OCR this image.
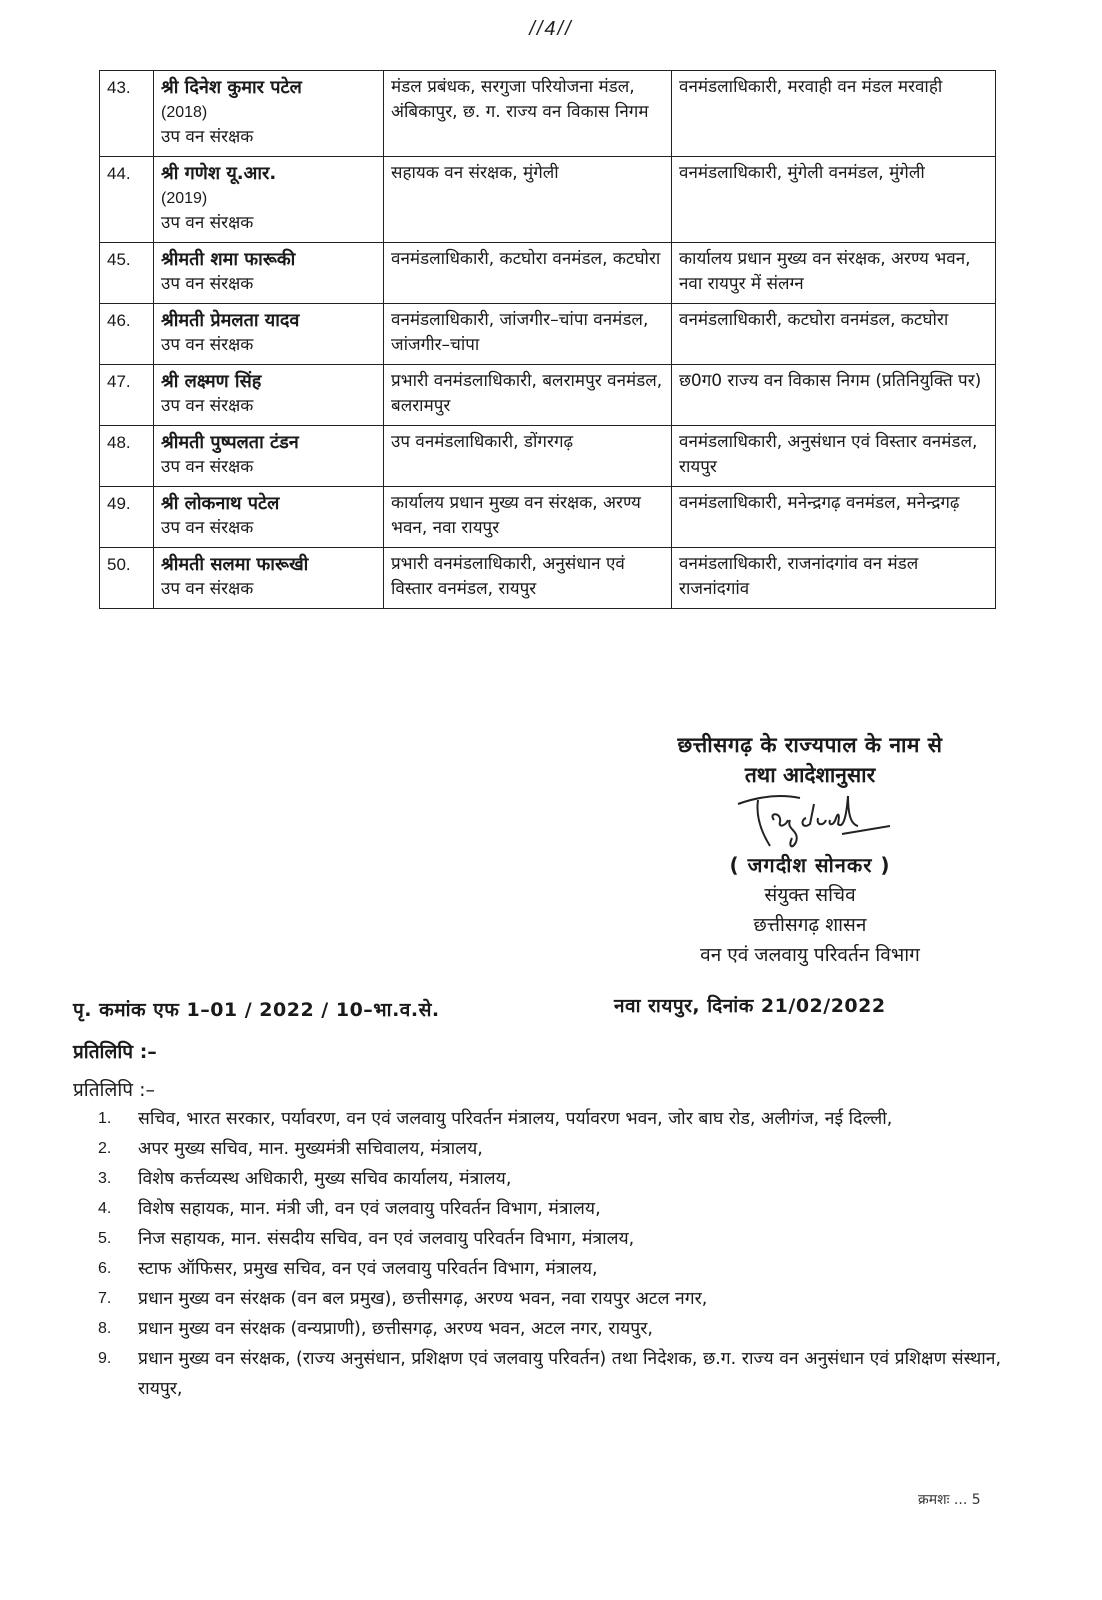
//4//
43.	श्री दिनेश कुमार पटेल
(2018)
उप वन संरक्षक	मंडल प्रबंधक, सरगुजा परियोजना मंडल, अंबिकापुर, छ. ग. राज्य वन विकास निगम	वनमंडलाधिकारी, मरवाही वन मंडल मरवाही
44.	श्री गणेश यू.आर.
(2019)
उप वन संरक्षक	सहायक वन संरक्षक, मुंगेली	वनमंडलाधिकारी, मुंगेली वनमंडल, मुंगेली
45.	श्रीमती शमा फारूकी
उप वन संरक्षक	वनमंडलाधिकारी, कटघोरा वनमंडल, कटघोरा	कार्यालय प्रधान मुख्य वन संरक्षक, अरण्य भवन, नवा रायपुर में संलग्न
46.	श्रीमती प्रेमलता यादव
उप वन संरक्षक	वनमंडलाधिकारी, जांजगीर–चांपा वनमंडल, जांजगीर–चांपा	वनमंडलाधिकारी, कटघोरा वनमंडल, कटघोरा
47.	श्री लक्ष्मण सिंह
उप वन संरक्षक	प्रभारी वनमंडलाधिकारी, बलरामपुर वनमंडल, बलरामपुर	छ0ग0 राज्य वन विकास निगम (प्रतिनियुक्ति पर)
48.	श्रीमती पुष्पलता टंडन
उप वन संरक्षक	उप वनमंडलाधिकारी, डोंगरगढ़	वनमंडलाधिकारी, अनुसंधान एवं विस्तार वनमंडल, रायपुर
49.	श्री लोकनाथ पटेल
उप वन संरक्षक	कार्यालय प्रधान मुख्य वन संरक्षक, अरण्य भवन, नवा रायपुर	वनमंडलाधिकारी, मनेन्द्रगढ़ वनमंडल, मनेन्द्रगढ़
50.	श्रीमती सलमा फारूखी
उप वन संरक्षक	प्रभारी वनमंडलाधिकारी, अनुसंधान एवं विस्तार वनमंडल, रायपुर	वनमंडलाधिकारी, राजनांदगांव वन मंडल राजनांदगांव
छत्तीसगढ़ के राज्यपाल के नाम से
तथा आदेशानुसार
( जगदीश सोनकर )
संयुक्त सचिव
छत्तीसगढ़ शासन
वन एवं जलवायु परिवर्तन विभाग
पृ. कमांक एफ 1–01 / 2022 / 10–भा.व.से.	नवा रायपुर, दिनांक 21/02/2022
प्रतिलिपि :–
प्रतिलिपि :–
1.	सचिव, भारत सरकार, पर्यावरण, वन एवं जलवायु परिवर्तन मंत्रालय, पर्यावरण भवन, जोर बाघ रोड, अलीगंज, नई दिल्ली,
2.	अपर मुख्य सचिव, मान. मुख्यमंत्री सचिवालय, मंत्रालय,
3.	विशेष कर्त्तव्यस्थ अधिकारी, मुख्य सचिव कार्यालय, मंत्रालय,
4.	विशेष सहायक, मान. मंत्री जी, वन एवं जलवायु परिवर्तन विभाग, मंत्रालय,
5.	निज सहायक, मान. संसदीय सचिव, वन एवं जलवायु परिवर्तन विभाग, मंत्रालय,
6.	स्टाफ ऑफिसर, प्रमुख सचिव, वन एवं जलवायु परिवर्तन विभाग, मंत्रालय,
7.	प्रधान मुख्य वन संरक्षक (वन बल प्रमुख), छत्तीसगढ़, अरण्य भवन, नवा रायपुर अटल नगर,
8.	प्रधान मुख्य वन संरक्षक (वन्यप्राणी), छत्तीसगढ़, अरण्य भवन, अटल नगर, रायपुर,
9.	प्रधान मुख्य वन संरक्षक, (राज्य अनुसंधान, प्रशिक्षण एवं जलवायु परिवर्तन) तथा निदेशक, छ.ग. राज्य वन अनुसंधान एवं प्रशिक्षण संस्थान, रायपुर,
क्रमशः ... 5
